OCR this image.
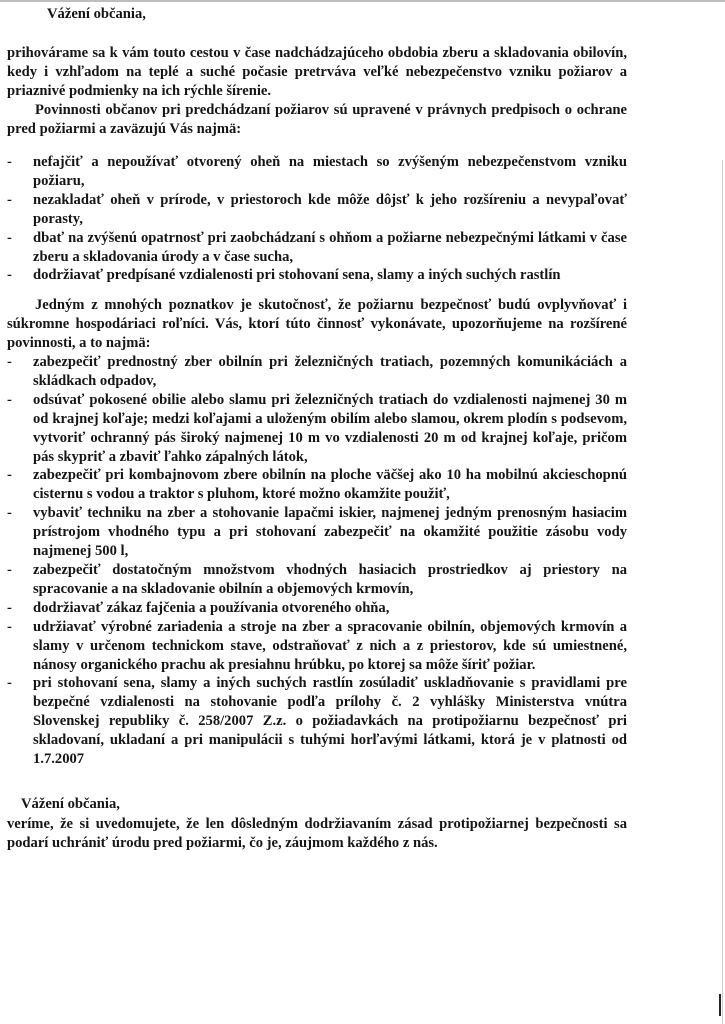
Vážení občania,

prihovárame sa k vám touto cestou v čase nadchádzajúceho obdobia zberu a skladovania obilovín, kedy i vzhľadom na teplé a suché počasie pretrváva veľké nebezpečenstvo vzniku požiarov a priaznivé podmienky na ich rýchle šírenie.

Povinnosti občanov pri predchádzaní požiarov sú upravené v právnych predpisoch o ochrane pred požiarmi a zaväzujú Vás najmä:

- nefajčiť a nepoužívať otvorený oheň na miestach so zvýšeným nebezpečenstvom vzniku požiaru,
- nezakladať oheň v prírode, v priestoroch kde môže dôjsť k jeho rozšíreniu a nevypaľovať porasty,
- dbať na zvýšenú opatrnosť pri zaobchádzaní s ohňom a požiarne nebezpečnými látkami v čase zberu a skladovania úrody a v čase sucha,
- dodržiavať predpísané vzdialenosti pri stohovaní sena, slamy a iných suchých rastlín

Jedným z mnohých poznatkov je skutočnosť, že požiarnu bezpečnosť budú ovplyvňovať i súkromne hospodáriaci roľníci. Vás, ktorí túto činnosť vykonávate, upozorňujeme na rozšírené povinnosti, a to najmä:

- zabezpečiť prednostný zber obilnín pri železničných tratiach, pozemných komunikáciách a skládkach odpadov,
- odsúvať pokosené obilie alebo slamu pri železničných tratiach do vzdialenosti najmenej 30 m od krajnej koľaje; medzi koľajami a uloženým obilím alebo slamou, okrem plodín s podsevom, vytvoriť ochranný pás široký najmenej 10 m vo vzdialenosti 20 m od krajnej koľaje, pričom pás skypriť a zbaviť ľahko zápalných látok,
- zabezpečiť pri kombajnovom zbere obilnín na ploche väčšej ako 10 ha mobilnú akcieschopnú cisternu s vodou a traktor s pluhom, ktoré možno okamžite použiť,
- vybaviť techniku na zber a stohovanie lapačmi iskier, najmenej jedným prenosným hasiacim prístrojom vhodného typu a pri stohovaní zabezpečiť na okamžité použitie zásobu vody najmenej 500 l,
- zabezpečiť dostatočným množstvom vhodných hasiacich prostriedkov aj priestory na spracovanie a na skladovanie obilnín a objemových krmovín,
- dodržiavať zákaz fajčenia a používania otvoreného ohňa,
- udržiavať výrobné zariadenia a stroje na zber a spracovanie obilnín, objemových krmovín a slamy v určenom technickom stave, odstraňovať z nich a z priestorov, kde sú umiestnené, nánosy organického prachu ak presiahnu hrúbku, po ktorej sa môže šíriť požiar.
- pri stohovaní sena, slamy a iných suchých rastlín zosúladiť uskladňovanie s pravidlami pre bezpečné vzdialenosti na stohovanie podľa prílohy č. 2 vyhlášky Ministerstva vnútra Slovenskej republiky č. 258/2007 Z.z. o požiadavkách na protipožiarnu bezpečnosť pri skladovaní, ukladaní a pri manipulácii s tuhými horľavými látkami, ktorá je v platnosti od 1.7.2007
Vážení občania,

veríme, že si uvedomujete, že len dôsledným dodržiavaním zásad protipožiarnej bezpečnosti sa podarí uchrániť úrodu pred požiarmi, čo je, záujmom každého z nás.
